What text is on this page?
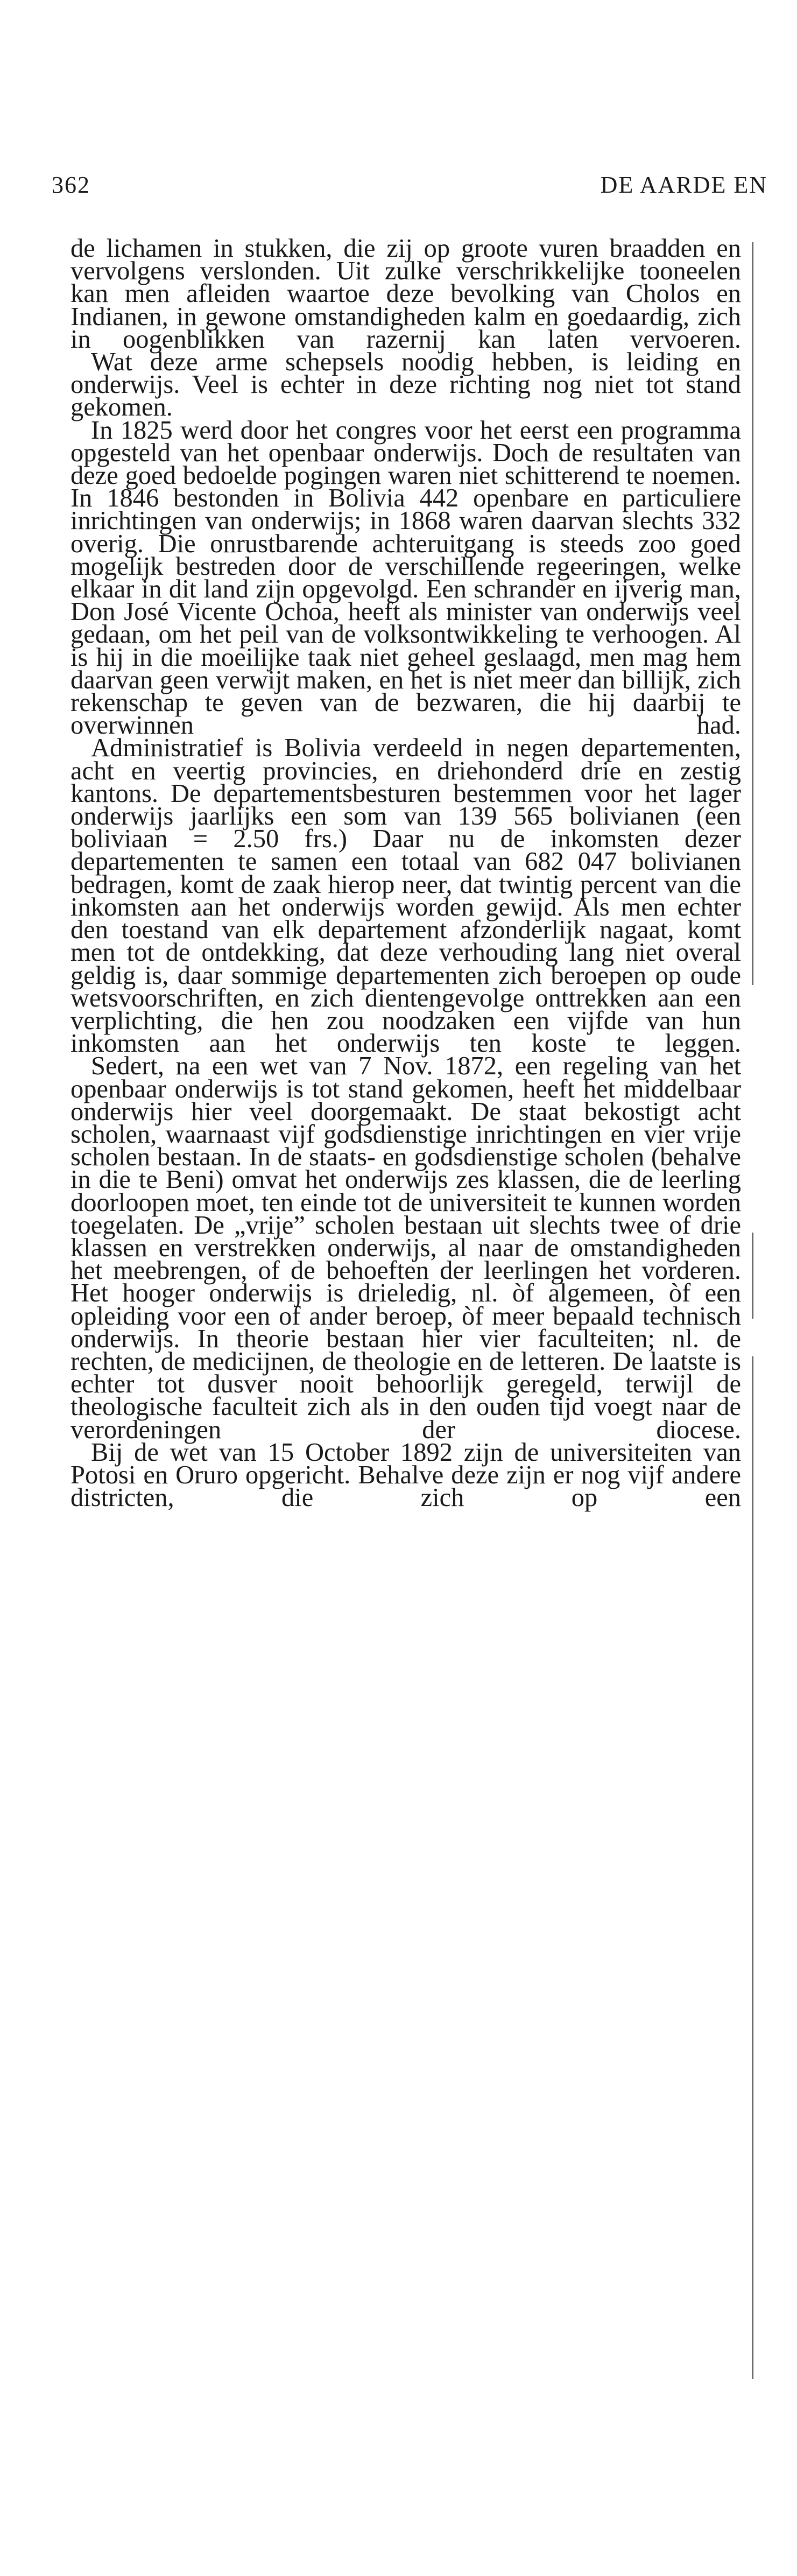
362	DE AARDE EN

de lichamen in stukken, die zij op groote vuren braadden en vervolgens verslonden. Uit zulke verschrikkelijke tooneelen kan men afleiden waartoe deze bevolking van Cholos en Indianen, in gewone omstandigheden kalm en goedaardig, zich in oogenblikken van razernij kan laten vervoeren.

Wat deze arme schepsels noodig hebben, is leiding en onderwijs. Veel is echter in deze richting nog niet tot stand gekomen.

In 1825 werd door het congres voor het eerst een programma opgesteld van het openbaar onderwijs. Doch de resultaten van deze goed bedoelde pogingen waren niet schitterend te noemen. In 1846 bestonden in Bolivia 442 openbare en particuliere inrichtingen van onderwijs; in 1868 waren daarvan slechts 332 overig. Die onrustbarende achteruitgang is steeds zoo goed mogelijk bestreden door de verschillende regeeringen, welke elkaar in dit land zijn opgevolgd. Een schrander en ijverig man, Don José Vicente Ochoa, heeft als minister van onderwijs veel gedaan, om het peil van de volksontwikkeling te verhoogen. Al is hij in die moeilijke taak niet geheel geslaagd, men mag hem daarvan geen verwijt maken, en het is niet meer dan billijk, zich rekenschap te geven van de bezwaren, die hij daarbij te overwinnen had.

Administratief is Bolivia verdeeld in negen departementen, acht en veertig provincies, en driehonderd drie en zestig kantons. De departementsbesturen bestemmen voor het lager onderwijs jaarlijks een som van 139 565 bolivianen (een boliviaan = 2.50 frs.) Daar nu de inkomsten dezer departementen te samen een totaal van 682 047 bolivianen bedragen, komt de zaak hierop neer, dat twintig percent van die inkomsten aan het onderwijs worden gewijd. Als men echter den toestand van elk departement afzonderlijk nagaat, komt men tot de ontdekking, dat deze verhouding lang niet overal geldig is, daar sommige departementen zich beroepen op oude wetsvoorschriften, en zich dientengevolge onttrekken aan een verplichting, die hen zou noodzaken een vijfde van hun inkomsten aan het onderwijs ten koste te leggen.

Sedert, na een wet van 7 Nov. 1872, een regeling van het openbaar onderwijs is tot stand gekomen, heeft het middelbaar onderwijs hier veel doorgemaakt. De staat bekostigt acht scholen, waarnaast vijf godsdienstige inrichtingen en vier vrije scholen bestaan. In de staats- en godsdienstige scholen (behalve in die te Beni) omvat het onderwijs zes klassen, die de leerling doorloopen moet, ten einde tot de universiteit te kunnen worden toegelaten. De „vrije” scholen bestaan uit slechts twee of drie klassen en verstrekken onderwijs, al naar de omstandigheden het meebrengen, of de behoeften der leerlingen het vorderen. Het hooger onderwijs is drieledig, nl. òf algemeen, òf een opleiding voor een of ander beroep, òf meer bepaald technisch onderwijs. In theorie bestaan hier vier faculteiten; nl. de rechten, de medicijnen, de theologie en de letteren. De laatste is echter tot dusver nooit behoorlijk geregeld, terwijl de theologische faculteit zich als in den ouden tijd voegt naar de verordeningen der diocese.

Bij de wet van 15 October 1892 zijn de universiteiten van Potosi en Oruro opgericht. Behalve deze zijn er nog vijf andere districten, die zich op een
